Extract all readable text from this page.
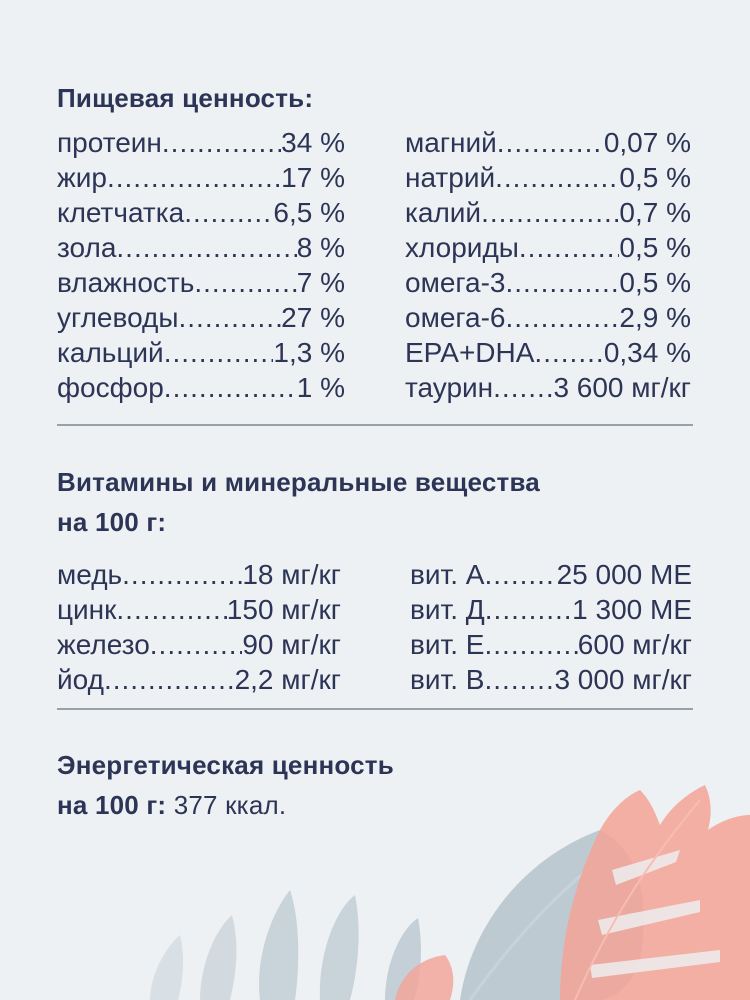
Пищевая ценность:
протеин .....	34 %
жир .....	17 %
клетчатка .....	6,5 %
зола .....	8 %
влажность .....	7 %
углеводы .....	27 %
кальций .....	1,3 %
фосфор .....	1 %
магний .....	0,07 %
натрий .....	0,5 %
калий .....	0,7 %
хлориды .....	0,5 %
омега-3 .....	0,5 %
омега-6 .....	2,9 %
EPA+DHA ..... 0,34 %
таурин ..... 3 600 мг/кг
Витамины и минеральные вещества
на 100 г:
медь .....	18 мг/кг
цинк .....	150 мг/кг
железо .....	90 мг/кг
йод .....	2,2 мг/кг
вит. А .....	25 000 МЕ
вит. Д .....	1 300 МЕ
вит. Е .....	600 мг/кг
вит. В ..... 3 000 мг/кг
Энергетическая ценность
на 100 г: 377 ккал.
